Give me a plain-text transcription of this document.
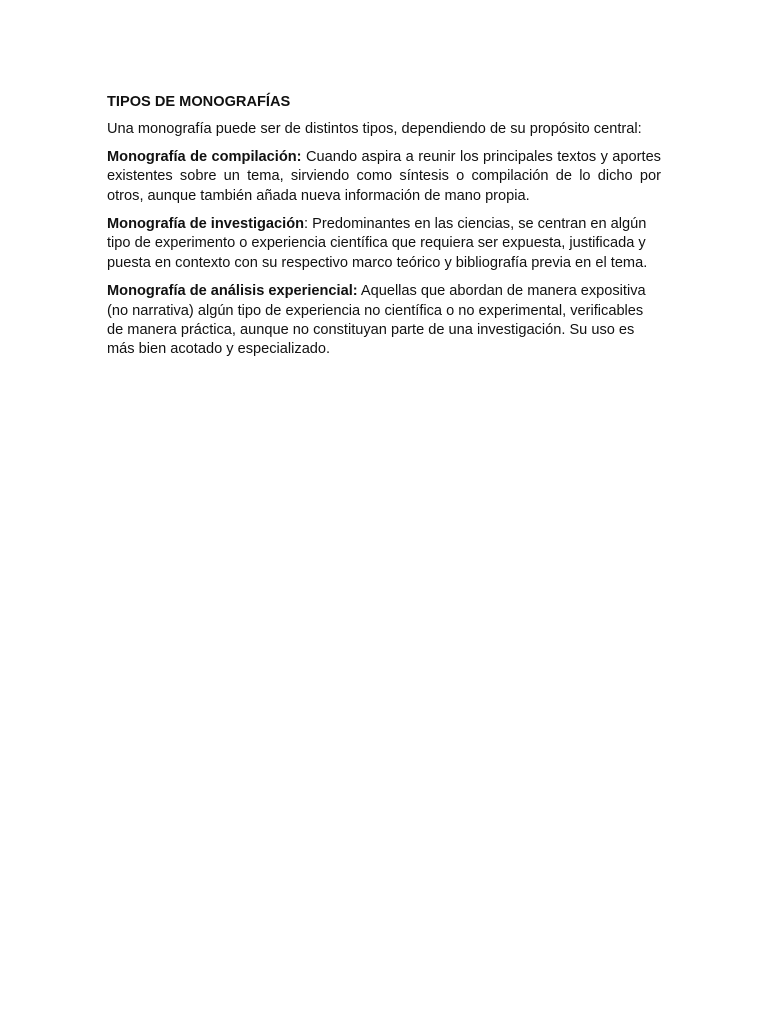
TIPOS DE MONOGRAFÍAS
Una monografía puede ser de distintos tipos, dependiendo de su propósito central:
Monografía de compilación: Cuando aspira a reunir los principales textos y aportes existentes sobre un tema, sirviendo como síntesis o compilación de lo dicho por otros, aunque también añada nueva información de mano propia.
Monografía de investigación: Predominantes en las ciencias, se centran en algún tipo de experimento o experiencia científica que requiera ser expuesta, justificada y puesta en contexto con su respectivo marco teórico y bibliografía previa en el tema.
Monografía de análisis experiencial: Aquellas que abordan de manera expositiva (no narrativa) algún tipo de experiencia no científica o no experimental, verificables de manera práctica, aunque no constituyan parte de una investigación. Su uso es más bien acotado y especializado.
